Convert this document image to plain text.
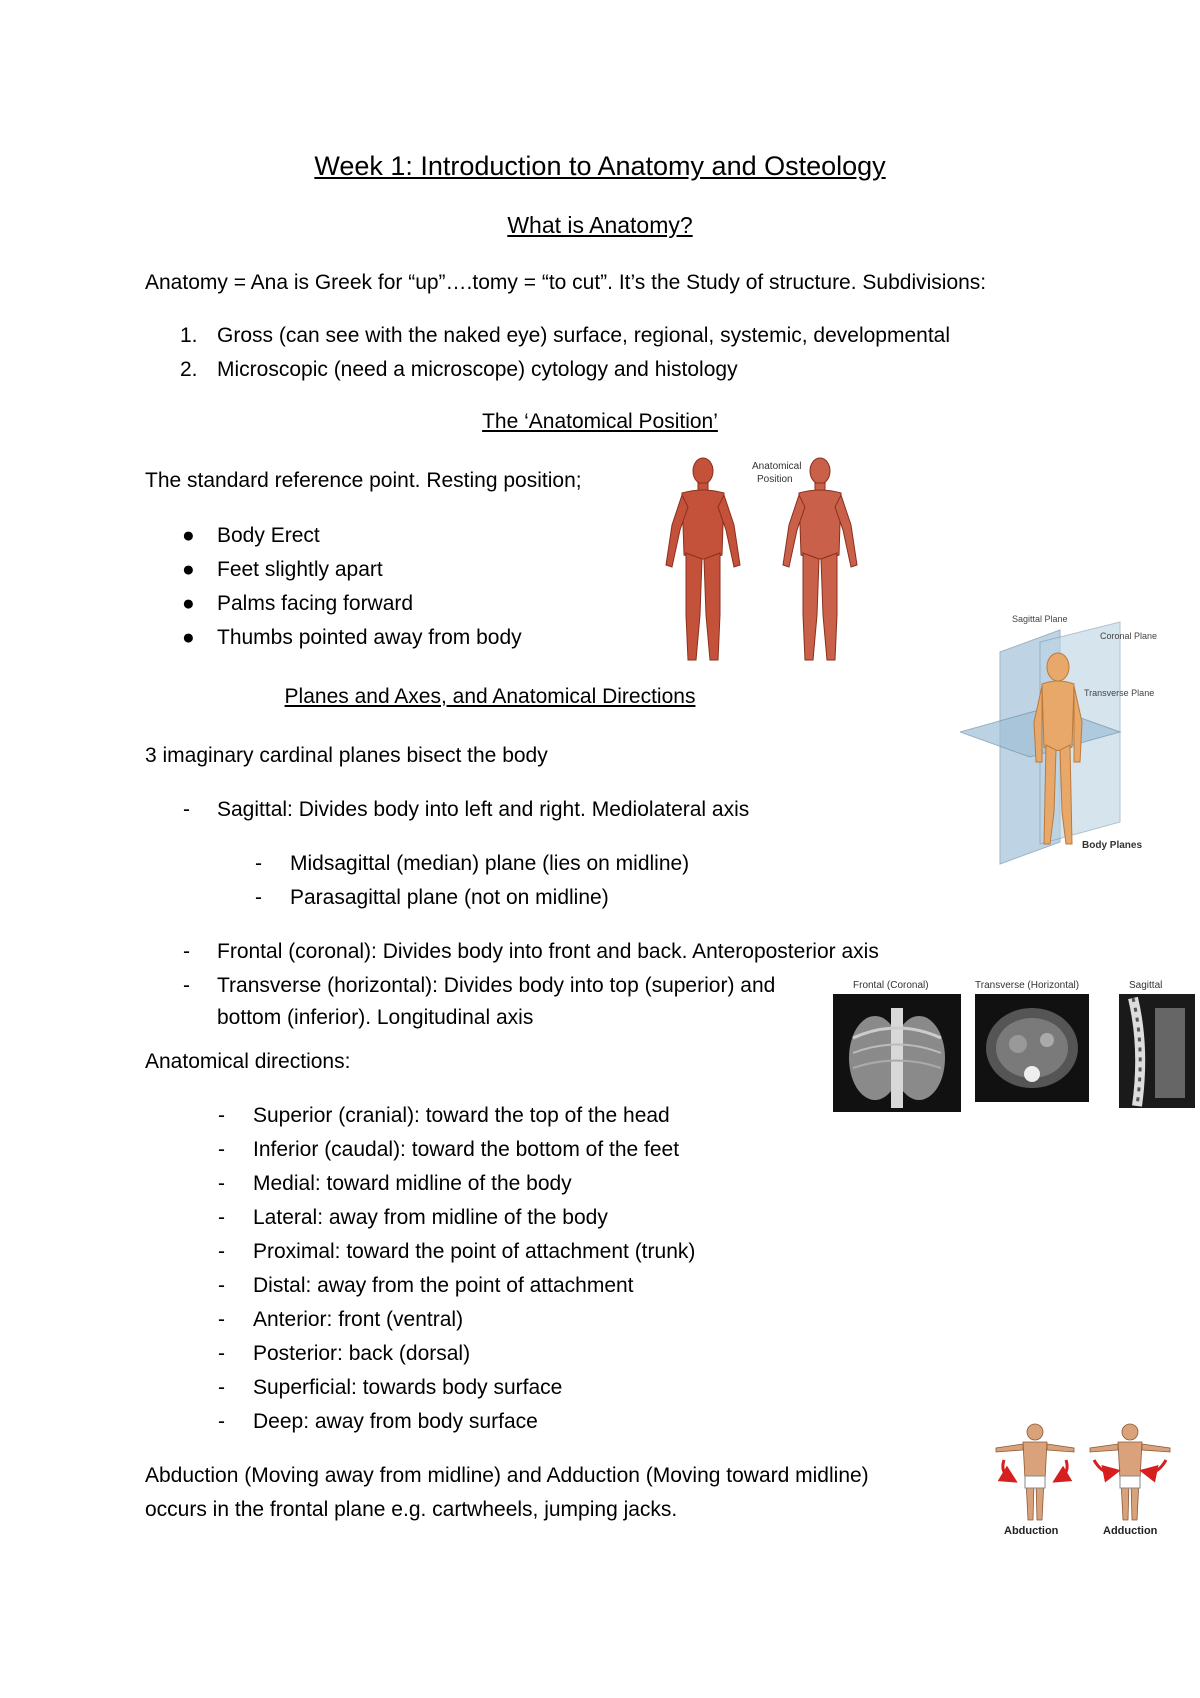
Week 1: Introduction to Anatomy and Osteology
What is Anatomy?
Anatomy = Ana is Greek for “up”….tomy = “to cut”. It’s the Study of structure. Subdivisions:
1. Gross (can see with the naked eye) surface, regional, systemic, developmental
2. Microscopic (need a microscope) cytology and histology
The ‘Anatomical Position’
The standard reference point. Resting position;
● Body Erect
● Feet slightly apart
● Palms facing forward
● Thumbs pointed away from body
Anatomical
Position
Sagittal Plane
Coronal Plane
Transverse Plane
Body Planes
Planes and Axes, and Anatomical Directions
3 imaginary cardinal planes bisect the body
- Sagittal: Divides body into left and right. Mediolateral axis
- Midsagittal (median) plane (lies on midline)
- Parasagittal plane (not on midline)
- Frontal (coronal): Divides body into front and back. Anteroposterior axis
- Transverse (horizontal): Divides body into top (superior) and
bottom (inferior). Longitudinal axis
Frontal (Coronal)	Transverse (Horizontal)	Sagittal
Anatomical directions:
- Superior (cranial): toward the top of the head
- Inferior (caudal): toward the bottom of the feet
- Medial: toward midline of the body
- Lateral: away from midline of the body
- Proximal: toward the point of attachment (trunk)
- Distal: away from the point of attachment
- Anterior: front (ventral)
- Posterior: back (dorsal)
- Superficial: towards body surface
- Deep: away from body surface
Abduction (Moving away from midline) and Adduction (Moving toward midline)
occurs in the frontal plane e.g. cartwheels, jumping jacks.
Abduction	Adduction
